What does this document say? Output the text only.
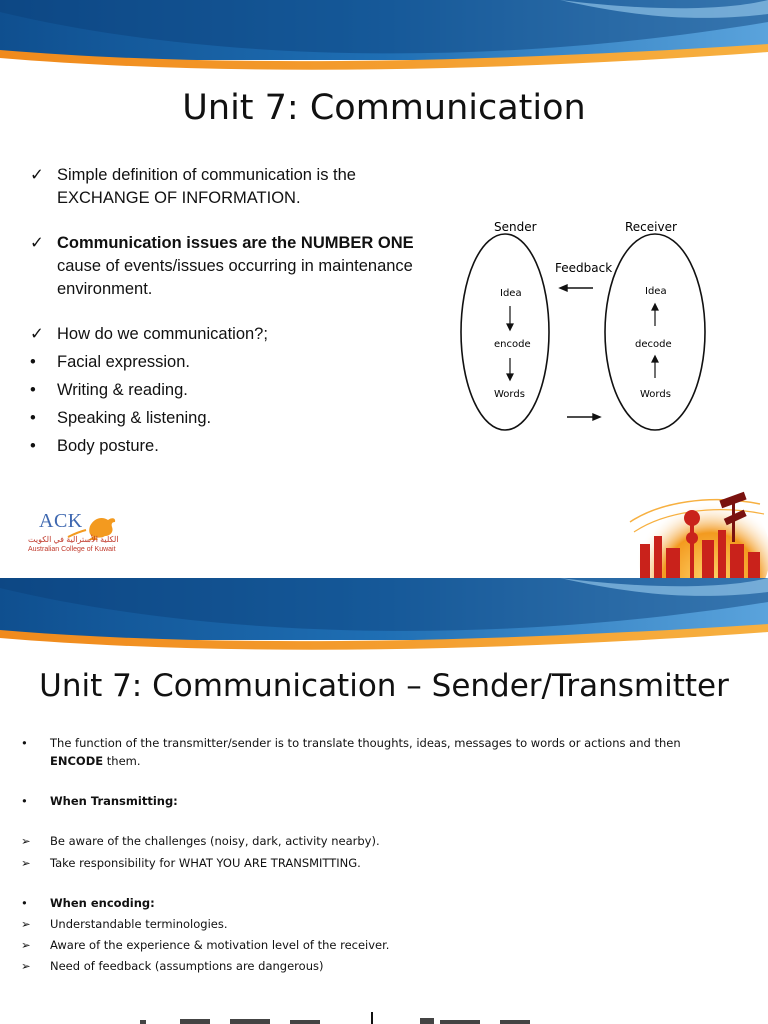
Unit 7: Communication
✓ Simple definition of communication is the EXCHANGE OF INFORMATION.
✓ Communication issues are the NUMBER ONE cause of events/issues occurring in maintenance environment.
✓ How do we communication?;
•	Facial expression.
•	Writing & reading.
•	Speaking & listening.
•	Body posture.
Sender	Receiver
Feedback
Idea
encode
Words
Idea
decode
Words
ACK
الكلية الأسترالية في الكويت
Australian College of Kuwait
Unit 7: Communication – Sender/Transmitter
•	The function of the transmitter/sender is to translate thoughts, ideas, messages to words or actions and then
ENCODE them.
•	When Transmitting:
➢	Be aware of the challenges (noisy, dark, activity nearby).
➢	Take responsibility for WHAT YOU ARE TRANSMITTING.
•	When encoding:
➢	Understandable terminologies.
➢	Aware of the experience & motivation level of the receiver.
➢	Need of feedback (assumptions are dangerous)
